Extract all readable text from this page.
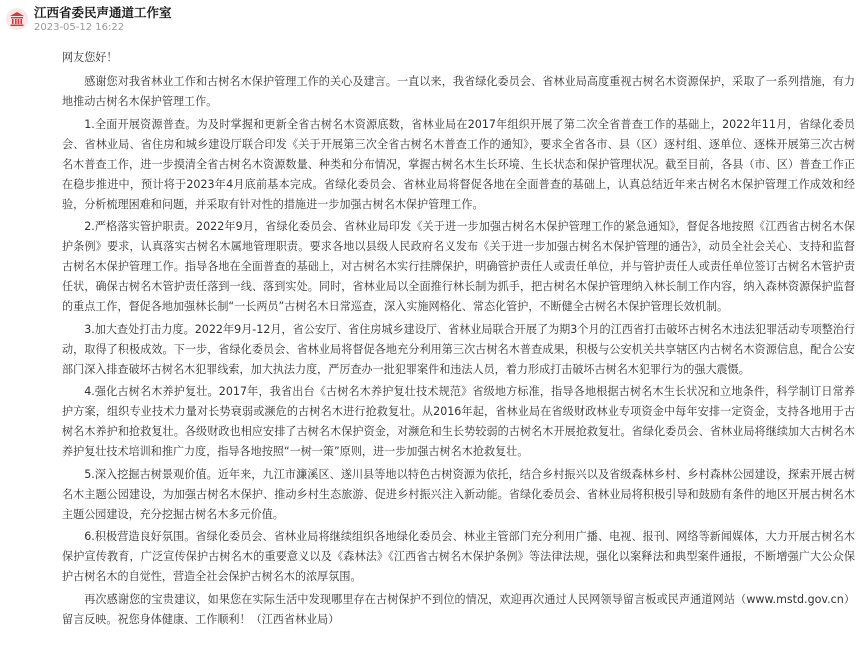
江西省委民声通道工作室
2023-05-12 16:22

网友您好！

感谢您对我省林业工作和古树名木保护管理工作的关心及建言。一直以来，我省绿化委员会、省林业局高度重视古树名木资源保护，采取了一系列措施，有力地推动古树名木保护管理工作。

1.全面开展资源普查。为及时掌握和更新全省古树名木资源底数，省林业局在2017年组织开展了第二次全省普查工作的基础上，2022年11月，省绿化委员会、省林业局、省住房和城乡建设厅联合印发《关于开展第三次全省古树名木普查工作的通知》，要求全省各市、县（区）逐村组、逐单位、逐株开展第三次古树名木普查工作，进一步摸清全省古树名木资源数量、种类和分布情况，掌握古树名木生长环境、生长状态和保护管理状况。截至目前，各县（市、区）普查工作正在稳步推进中，预计将于2023年4月底前基本完成。省绿化委员会、省林业局将督促各地在全面普查的基础上，认真总结近年来古树名木保护管理工作成效和经验，分析梳理困难和问题，并采取有针对性的措施进一步加强古树名木保护管理工作。

2.严格落实管护职责。2022年9月，省绿化委员会、省林业局印发《关于进一步加强古树名木保护管理工作的紧急通知》，督促各地按照《江西省古树名木保护条例》要求，认真落实古树名木属地管理职责。要求各地以县级人民政府名义发布《关于进一步加强古树名木保护管理的通告》，动员全社会关心、支持和监督古树名木保护管理工作。指导各地在全面普查的基础上，对古树名木实行挂牌保护，明确管护责任人或责任单位，并与管护责任人或责任单位签订古树名木管护责任状，确保古树名木管护责任落到一线、落到实处。同时，省林业局以全面推行林长制为抓手，把古树名木保护管理纳入林长制工作内容，纳入森林资源保护监督的重点工作，督促各地加强林长制“一长两员”古树名木日常巡查，深入实施网格化、常态化管护，不断健全古树名木保护管理长效机制。

3.加大查处打击力度。2022年9月-12月，省公安厅、省住房城乡建设厅、省林业局联合开展了为期3个月的江西省打击破坏古树名木违法犯罪活动专项整治行动，取得了积极成效。下一步，省绿化委员会、省林业局将督促各地充分利用第三次古树名木普查成果，积极与公安机关共享辖区内古树名木资源信息，配合公安部门深入排查破坏古树名木犯罪线索，加大执法力度，严厉查办一批犯罪案件和违法人员，着力形成打击破坏古树名木犯罪行为的强大震慑。

4.强化古树名木养护复壮。2017年，我省出台《古树名木养护复壮技术规范》省级地方标准，指导各地根据古树名木生长状况和立地条件，科学制订日常养护方案，组织专业技术力量对长势衰弱或濒危的古树名木进行抢救复壮。从2016年起，省林业局在省级财政林业专项资金中每年安排一定资金，支持各地用于古树名木养护和抢救复壮。各级财政也相应安排了古树名木保护资金，对濒危和生长势较弱的古树名木开展抢救复壮。省绿化委员会、省林业局将继续加大古树名木养护复壮技术培训和推广力度，指导各地按照“一树一策”原则，进一步加强古树名木抢救复壮。

5.深入挖掘古树景观价值。近年来，九江市濂溪区、遂川县等地以特色古树资源为依托，结合乡村振兴以及省级森林乡村、乡村森林公园建设，探索开展古树名木主题公园建设，为加强古树名木保护、推动乡村生态旅游、促进乡村振兴注入新动能。省绿化委员会、省林业局将积极引导和鼓励有条件的地区开展古树名木主题公园建设，充分挖掘古树名木多元价值。

6.积极营造良好氛围。省绿化委员会、省林业局将继续组织各地绿化委员会、林业主管部门充分利用广播、电视、报刊、网络等新闻媒体，大力开展古树名木保护宣传教育，广泛宣传保护古树名木的重要意义以及《森林法》《江西省古树名木保护条例》等法律法规，强化以案释法和典型案件通报，不断增强广大公众保护古树名木的自觉性，营造全社会保护古树名木的浓厚氛围。

再次感谢您的宝贵建议，如果您在实际生活中发现哪里存在古树保护不到位的情况，欢迎再次通过人民网领导留言板或民声通道网站（www.mstd.gov.cn）留言反映。祝您身体健康、工作顺利！（江西省林业局）
